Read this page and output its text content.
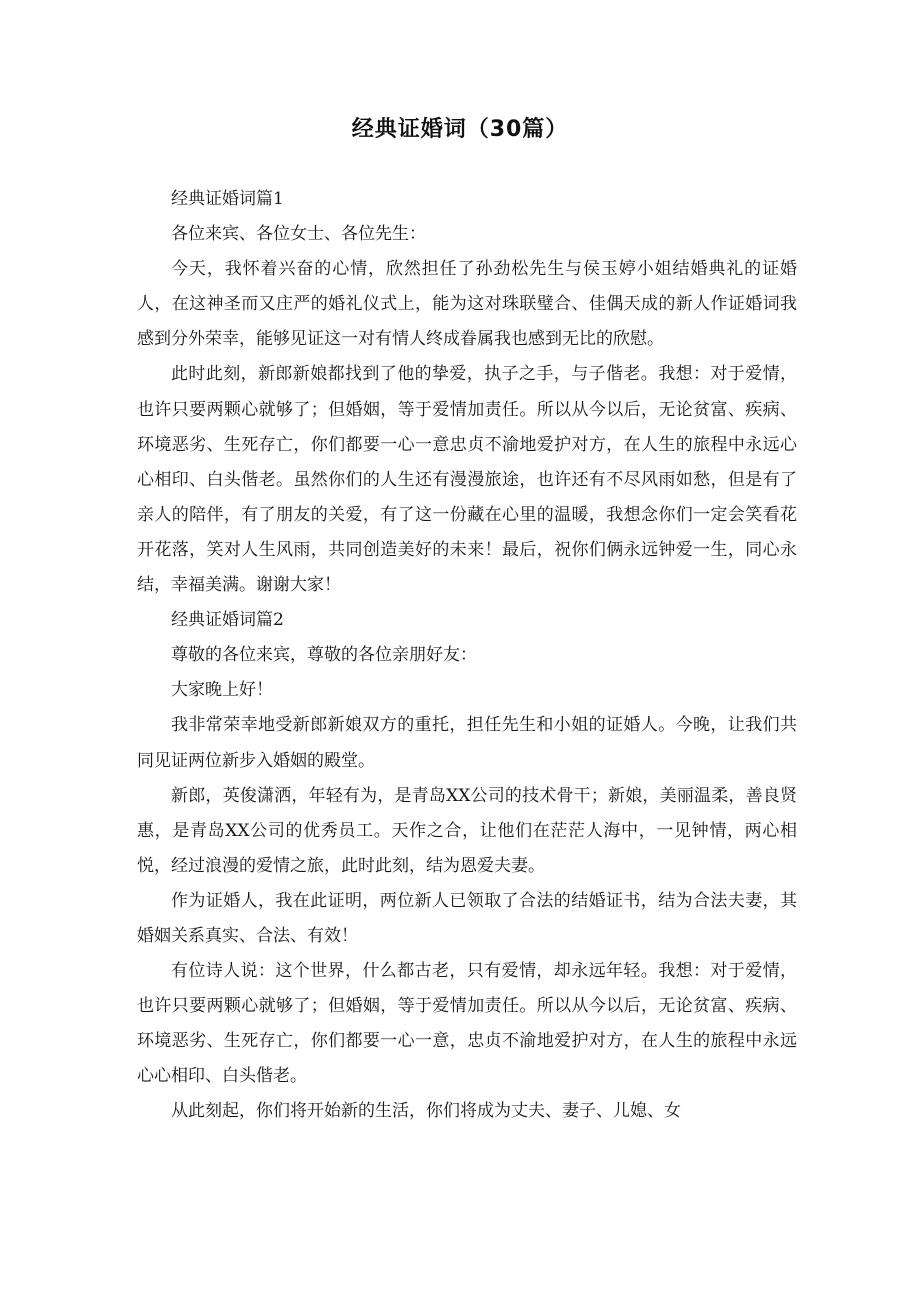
经典证婚词（30篇）

经典证婚词篇1

各位来宾、各位女士、各位先生：

今天，我怀着兴奋的心情，欣然担任了孙劲松先生与侯玉婷小姐结婚典礼的证婚人，在这神圣而又庄严的婚礼仪式上，能为这对珠联璧合、佳偶天成的新人作证婚词我感到分外荣幸，能够见证这一对有情人终成眷属我也感到无比的欣慰。

此时此刻，新郎新娘都找到了他的挚爱，执子之手，与子偕老。我想：对于爱情，也许只要两颗心就够了；但婚姻，等于爱情加责任。所以从今以后，无论贫富、疾病、环境恶劣、生死存亡，你们都要一心一意忠贞不渝地爱护对方，在人生的旅程中永远心心相印、白头偕老。虽然你们的人生还有漫漫旅途，也许还有不尽风雨如愁，但是有了亲人的陪伴，有了朋友的关爱，有了这一份藏在心里的温暖，我想念你们一定会笑看花开花落，笑对人生风雨，共同创造美好的未来！最后，祝你们俩永远钟爱一生，同心永结，幸福美满。谢谢大家！

经典证婚词篇2

尊敬的各位来宾，尊敬的各位亲朋好友：

大家晚上好！

我非常荣幸地受新郎新娘双方的重托，担任先生和小姐的证婚人。今晚，让我们共同见证两位新步入婚姻的殿堂。

新郎，英俊潇洒，年轻有为，是青岛XX公司的技术骨干；新娘，美丽温柔，善良贤惠，是青岛XX公司的优秀员工。天作之合，让他们在茫茫人海中，一见钟情，两心相悦，经过浪漫的爱情之旅，此时此刻，结为恩爱夫妻。

作为证婚人，我在此证明，两位新人已领取了合法的结婚证书，结为合法夫妻，其婚姻关系真实、合法、有效！

有位诗人说：这个世界，什么都古老，只有爱情，却永远年轻。我想：对于爱情，也许只要两颗心就够了；但婚姻，等于爱情加责任。所以从今以后，无论贫富、疾病、环境恶劣、生死存亡，你们都要一心一意，忠贞不渝地爱护对方，在人生的旅程中永远心心相印、白头偕老。

从此刻起，你们将开始新的生活，你们将成为丈夫、妻子、儿媳、女
